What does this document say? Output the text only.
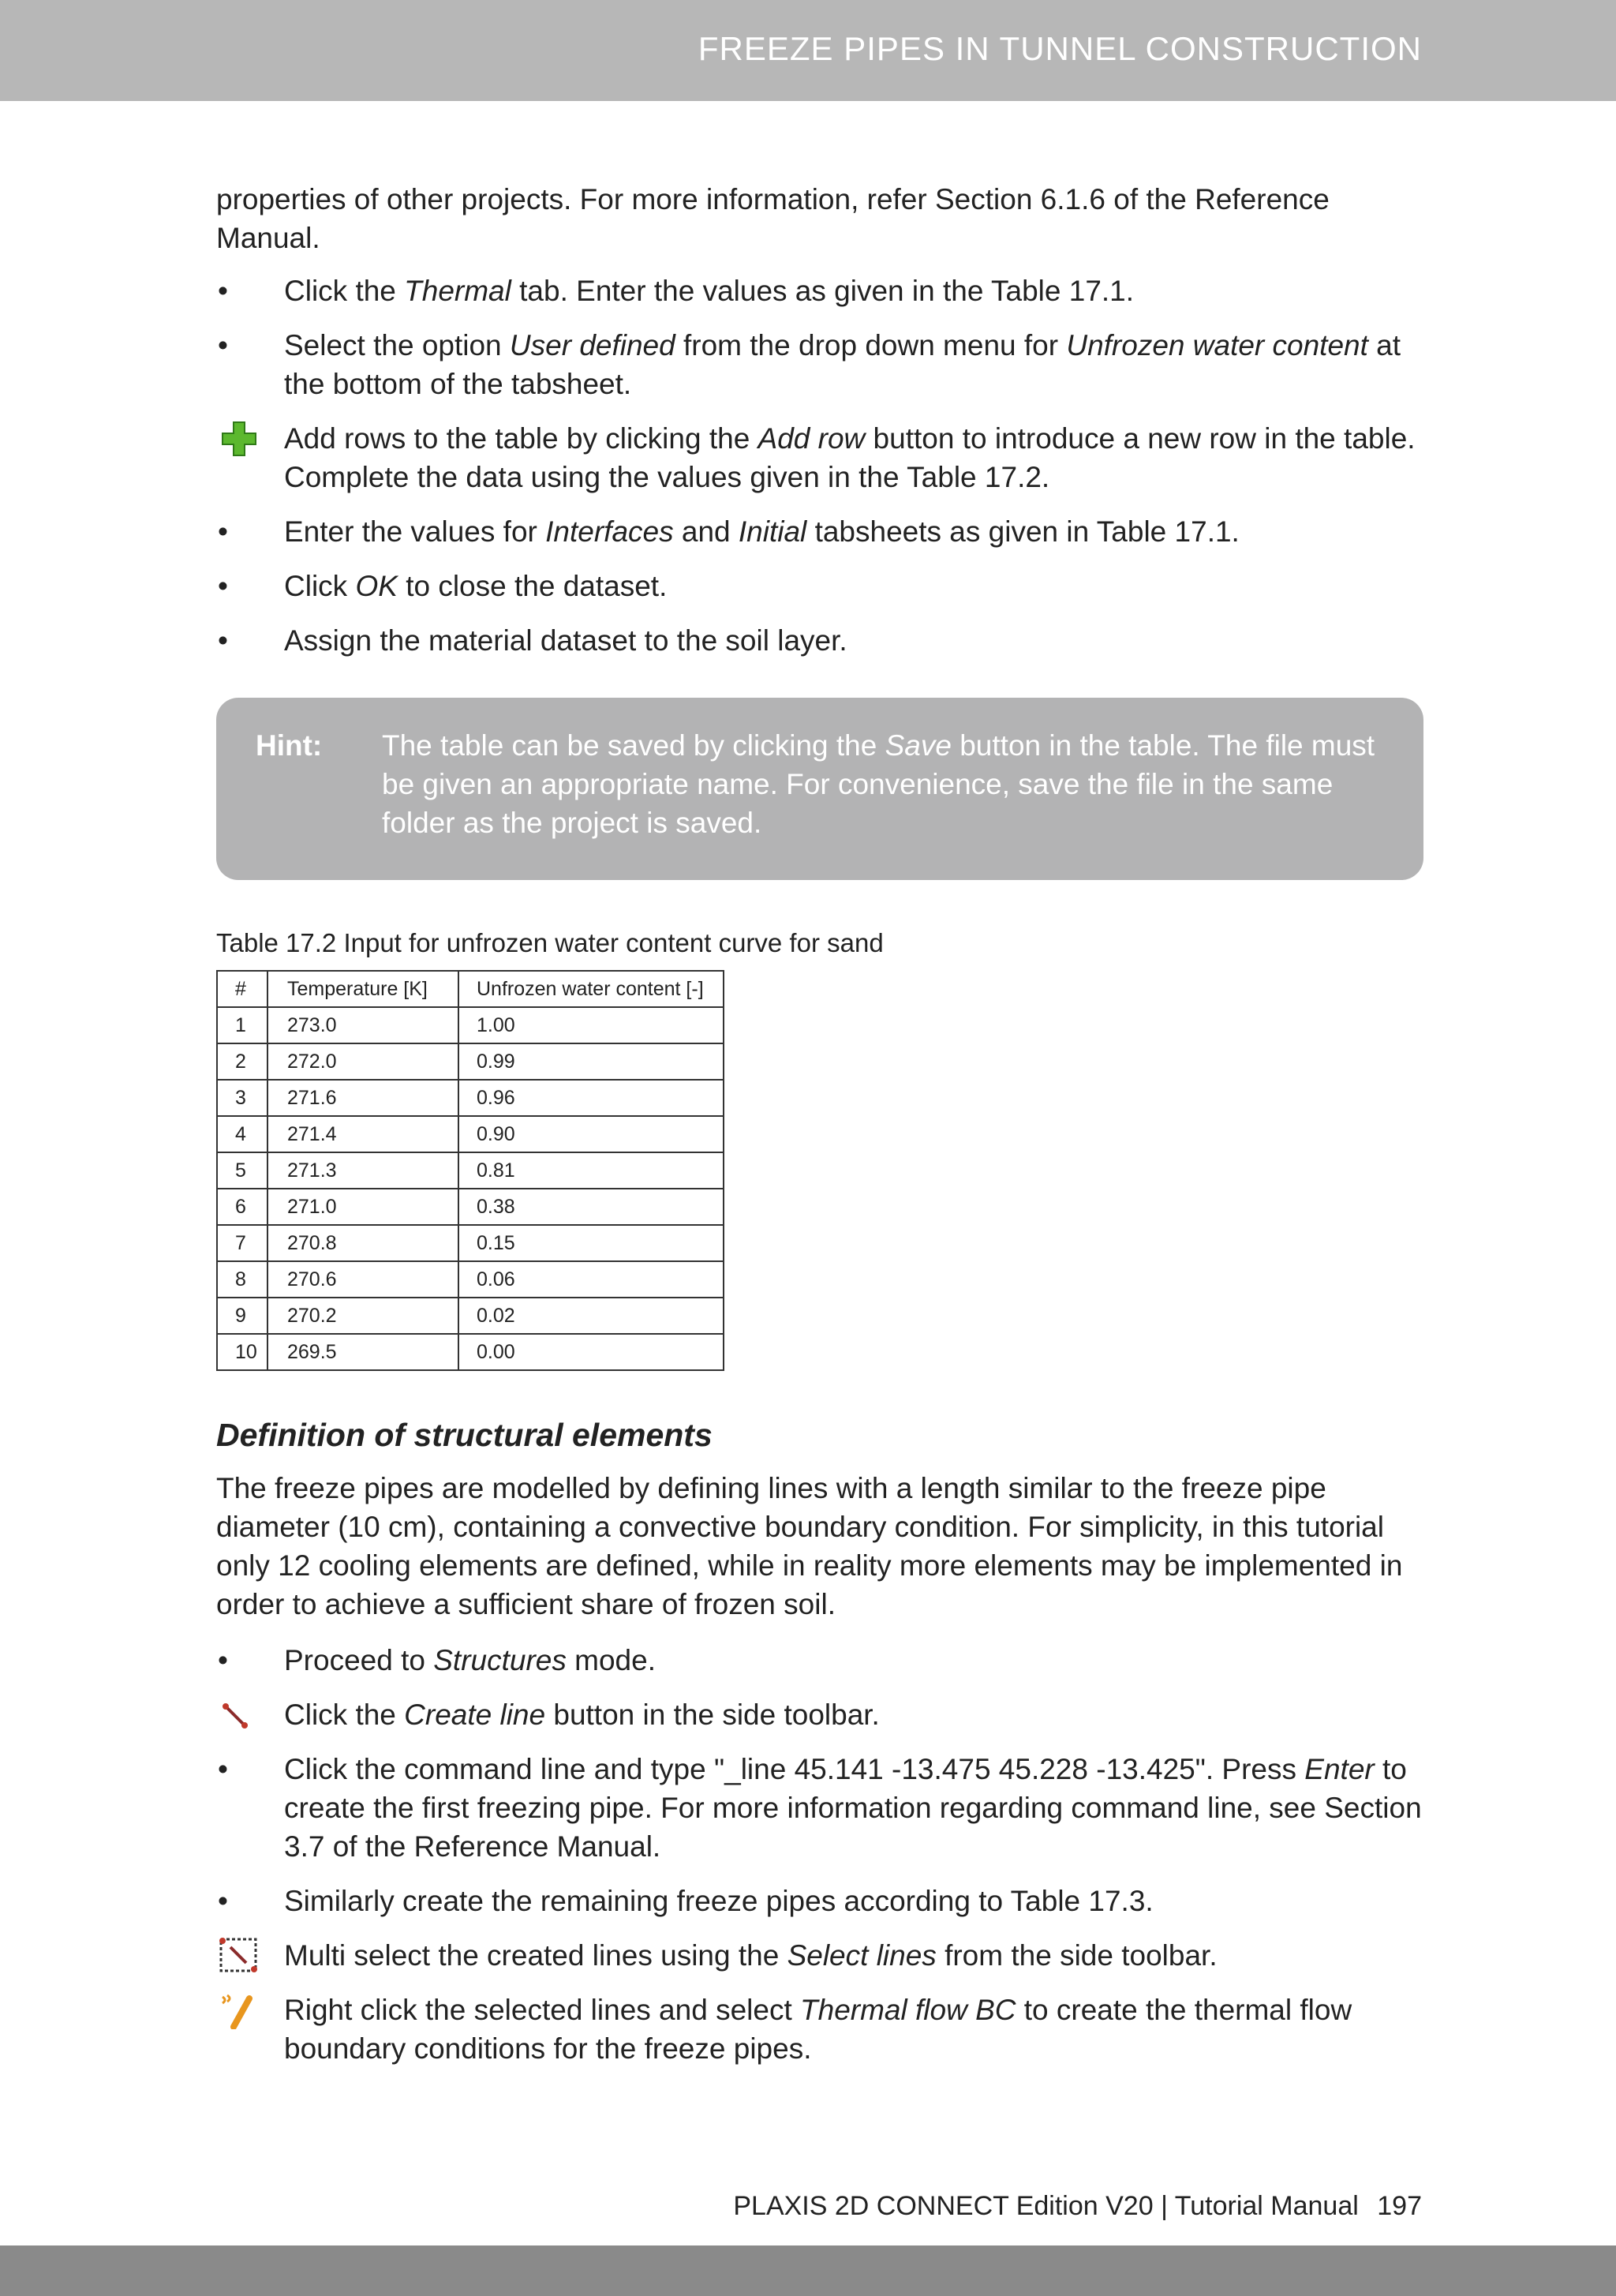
FREEZE PIPES IN TUNNEL CONSTRUCTION

properties of other projects. For more information, refer Section 6.1.6 of the Reference Manual.

•	Click the Thermal tab. Enter the values as given in the Table 17.1.
•	Select the option User defined from the drop down menu for Unfrozen water content at the bottom of the tabsheet.
Add rows to the table by clicking the Add row button to introduce a new row in the table. Complete the data using the values given in the Table 17.2.
•	Enter the values for Interfaces and Initial tabsheets as given in Table 17.1.
•	Click OK to close the dataset.
•	Assign the material dataset to the soil layer.
Hint: The table can be saved by clicking the Save button in the table. The file must be given an appropriate name. For convenience, save the file in the same folder as the project is saved.
Table 17.2 Input for unfrozen water content curve for sand
#	Temperature [K]	Unfrozen water content [-]
1	273.0	1.00
2	272.0	0.99
3	271.6	0.96
4	271.4	0.90
5	271.3	0.81
6	271.0	0.38
7	270.8	0.15
8	270.6	0.06
9	270.2	0.02
10	269.5	0.00
Definition of structural elements

The freeze pipes are modelled by defining lines with a length similar to the freeze pipe diameter (10 cm), containing a convective boundary condition. For simplicity, in this tutorial only 12 cooling elements are defined, while in reality more elements may be implemented in order to achieve a sufficient share of frozen soil.

•	Proceed to Structures mode.
Click the Create line button in the side toolbar.
•	Click the command line and type "_line 45.141 -13.475 45.228 -13.425". Press Enter to create the first freezing pipe. For more information regarding command line, see Section 3.7 of the Reference Manual.
•	Similarly create the remaining freeze pipes according to Table 17.3.
Multi select the created lines using the Select lines from the side toolbar.
Right click the selected lines and select Thermal flow BC to create the thermal flow boundary conditions for the freeze pipes.
PLAXIS 2D CONNECT Edition V20 | Tutorial Manual 197
